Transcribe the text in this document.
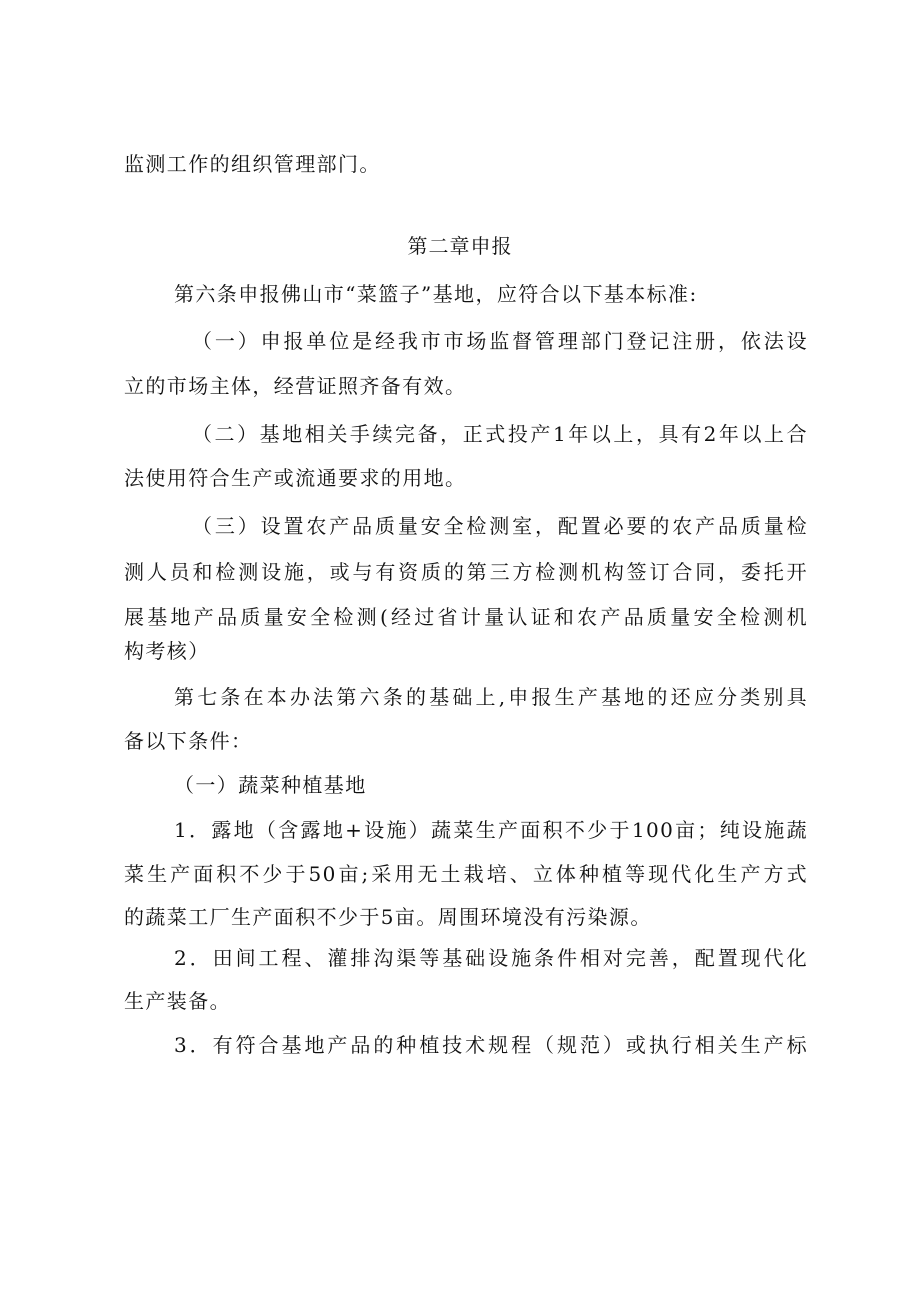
监测工作的组织管理部门。
第二章申报
第六条申报佛山市“菜篮子”基地，应符合以下基本标准:
（一）申报单位是经我市市场监督管理部门登记注册，依法设
立的市场主体，经营证照齐备有效。
（二）基地相关手续完备，正式投产1年以上，具有2年以上合
法使用符合生产或流通要求的用地。
（三）设置农产品质量安全检测室，配置必要的农产品质量检
测人员和检测设施，或与有资质的第三方检测机构签订合同，委托开
展基地产品质量安全检测(经过省计量认证和农产品质量安全检测机
构考核）
第七条在本办法第六条的基础上,申报生产基地的还应分类别具
备以下条件：
（一）蔬菜种植基地
1．露地（含露地+设施）蔬菜生产面积不少于100亩；纯设施蔬
菜生产面积不少于50亩;采用无土栽培、立体种植等现代化生产方式
的蔬菜工厂生产面积不少于5亩。周围环境没有污染源。
2．田间工程、灌排沟渠等基础设施条件相对完善，配置现代化
生产装备。
3．有符合基地产品的种植技术规程（规范）或执行相关生产标
